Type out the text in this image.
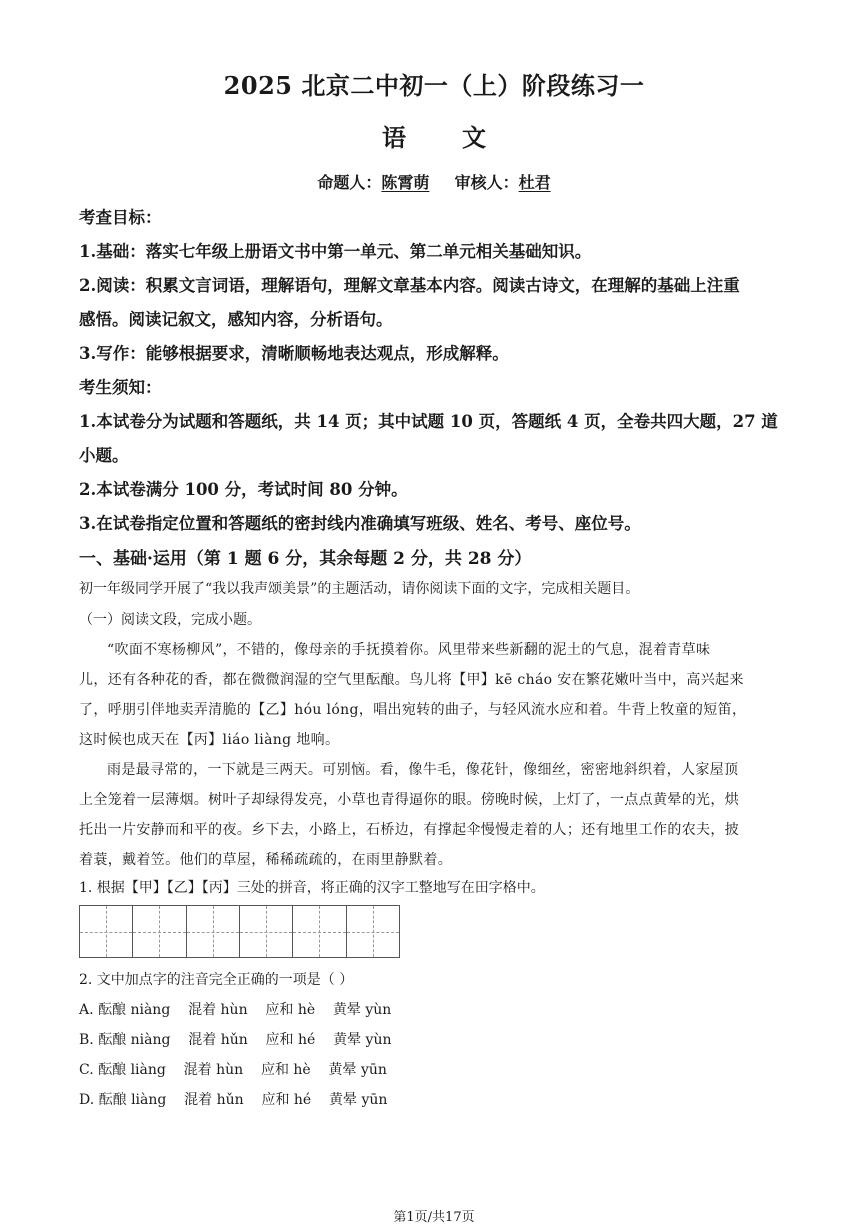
2025 北京二中初一（上）阶段练习一
语 文
命题人：陈霄萌 审核人：杜君
考查目标：
1.基础：落实七年级上册语文书中第一单元、第二单元相关基础知识。
2.阅读：积累文言词语，理解语句，理解文章基本内容。阅读古诗文，在理解的基础上注重
感悟。阅读记叙文，感知内容，分析语句。
3.写作：能够根据要求，清晰顺畅地表达观点，形成解释。
考生须知：
1.本试卷分为试题和答题纸，共 14 页；其中试题 10 页，答题纸 4 页，全卷共四大题，27 道
小题。
2.本试卷满分 100 分，考试时间 80 分钟。
3.在试卷指定位置和答题纸的密封线内准确填写班级、姓名、考号、座位号。
一、基础·运用（第 1 题 6 分，其余每题 2 分，共 28 分）
初一年级同学开展了“我以我声颂美景”的主题活动，请你阅读下面的文字，完成相关题目。
（一）阅读文段，完成小题。
“吹面不寒杨柳风”，不错的，像母亲的手抚摸着你。风里带来些新翻的泥土的气息，混着青草味
儿，还有各种花的香，都在微微润湿的空气里酝酿。鸟儿将【甲】kē cháo 安在繁花嫩叶当中，高兴起来
了，呼朋引伴地卖弄清脆的【乙】hóu lóng，唱出宛转的曲子，与轻风流水应和着。牛背上牧童的短笛，
这时候也成天在【丙】liáo liàng 地响。
雨是最寻常的，一下就是三两天。可别恼。看，像牛毛，像花针，像细丝，密密地斜织着，人家屋顶
上全笼着一层薄烟。树叶子却绿得发亮，小草也青得逼你的眼。傍晚时候，上灯了，一点点黄晕的光，烘
托出一片安静而和平的夜。乡下去，小路上，石桥边，有撑起伞慢慢走着的人；还有地里工作的农夫，披
着蓑，戴着笠。他们的草屋，稀稀疏疏的，在雨里静默着。
1. 根据【甲】【乙】【丙】三处的拼音，将正确的汉字工整地写在田字格中。
2. 文中加点字的注音完全正确的一项是（ ）
A. 酝酿 niàng    混着 hùn    应和 hè    黄晕 yùn
B. 酝酿 niàng    混着 hǔn    应和 hé    黄晕 yùn
C. 酝酿 liàng    混着 hùn    应和 hè    黄晕 yūn
D. 酝酿 liàng    混着 hǔn    应和 hé    黄晕 yūn
第1页/共17页
